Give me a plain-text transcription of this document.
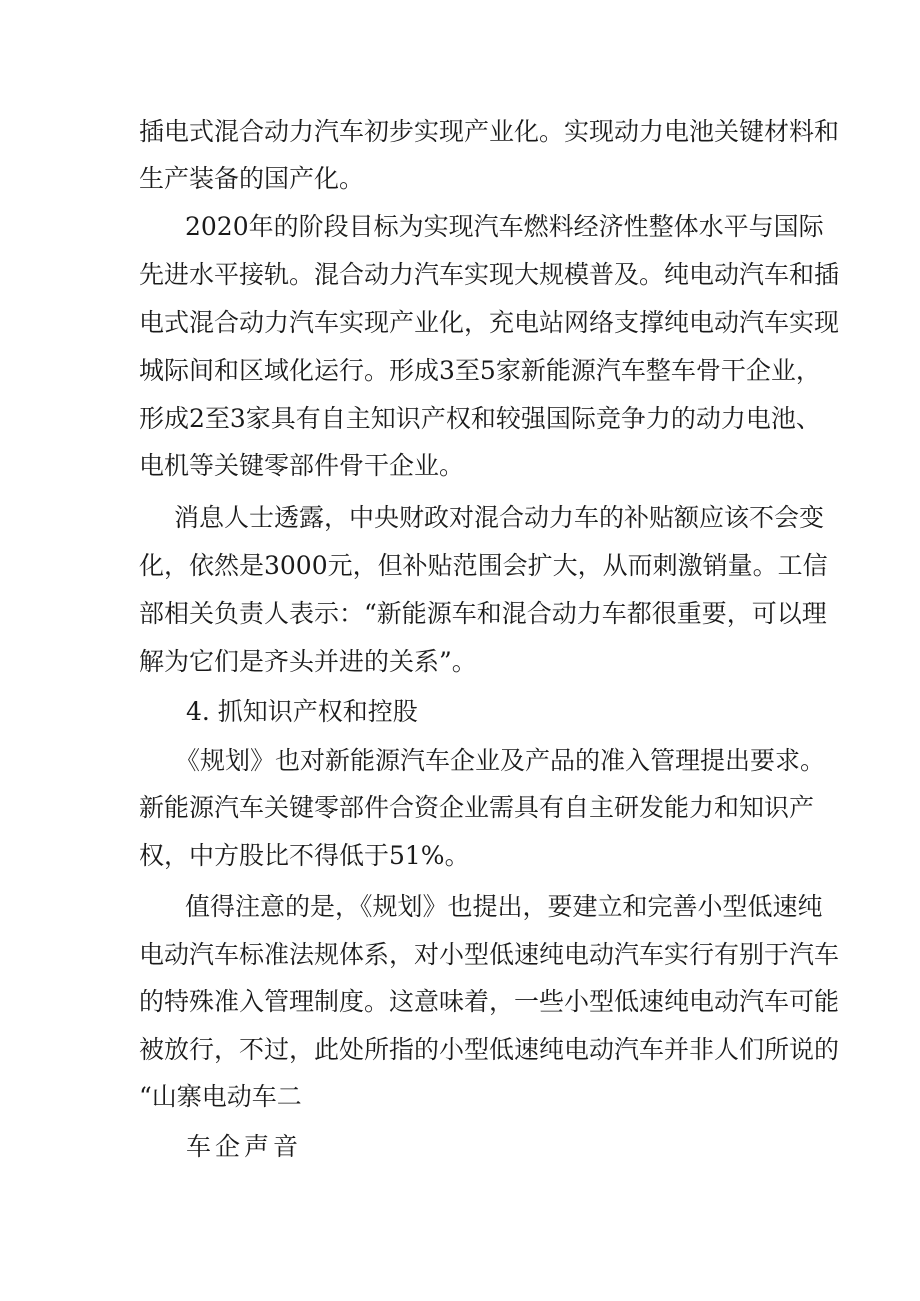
插电式混合动力汽车初步实现产业化。实现动力电池关键材料和
生产装备的国产化。
2020年的阶段目标为实现汽车燃料经济性整体水平与国际
先进水平接轨。混合动力汽车实现大规模普及。纯电动汽车和插
电式混合动力汽车实现产业化，充电站网络支撑纯电动汽车实现
城际间和区域化运行。形成3至5家新能源汽车整车骨干企业，
形成2至3家具有自主知识产权和较强国际竞争力的动力电池、
电机等关键零部件骨干企业。
消息人士透露，中央财政对混合动力车的补贴额应该不会变
化，依然是3000元，但补贴范围会扩大，从而刺激销量。工信
部相关负责人表示：“新能源车和混合动力车都很重要，可以理
解为它们是齐头并进的关系”。
4. 抓知识产权和控股
《规划》也对新能源汽车企业及产品的准入管理提出要求。
新能源汽车关键零部件合资企业需具有自主研发能力和知识产
权，中方股比不得低于51%。
值得注意的是，《规划》也提出，要建立和完善小型低速纯
电动汽车标准法规体系，对小型低速纯电动汽车实行有别于汽车
的特殊准入管理制度。这意味着，一些小型低速纯电动汽车可能
被放行，不过，此处所指的小型低速纯电动汽车并非人们所说的
“山寨电动车二
车企声音
